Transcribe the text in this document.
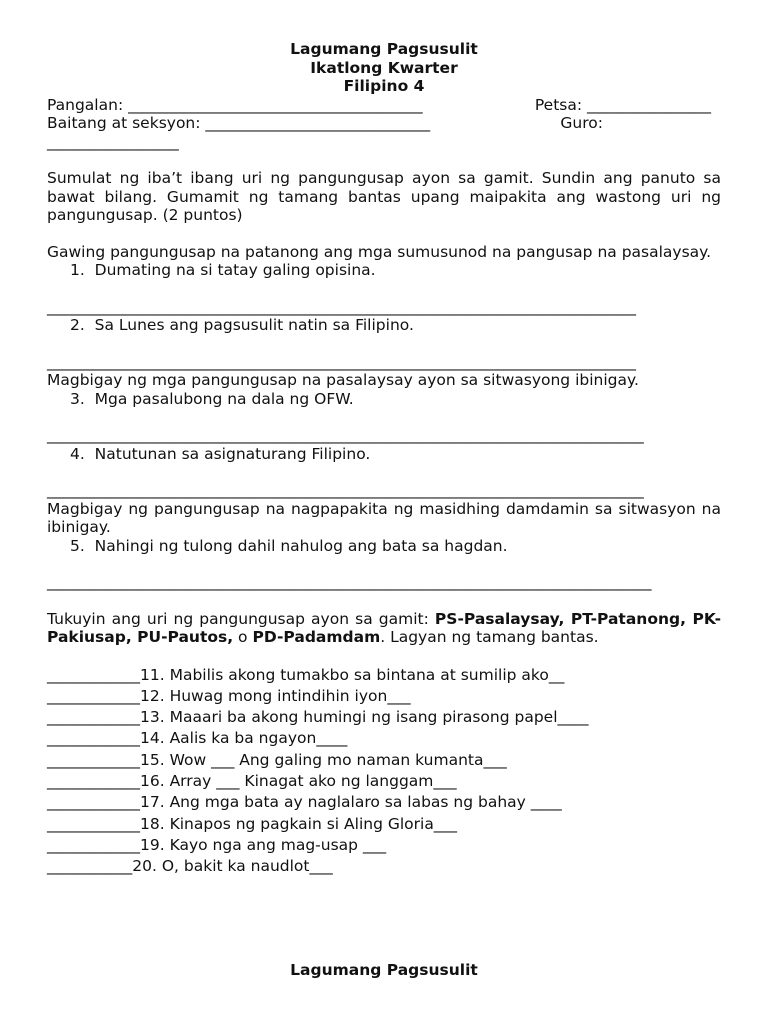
Lagumang Pagsusulit
Ikatlong Kwarter
Filipino 4
Pangalan: ______________________________________	Petsa: ________________
Baitang at seksyon: _____________________________	Guro:
_________________
Sumulat ng iba’t ibang uri ng pangungusap ayon sa gamit. Sundin ang panuto sa bawat bilang. Gumamit ng tamang bantas upang maipakita ang wastong uri ng pangungusap. (2 puntos)
Gawing pangungusap na patanong ang mga sumusunod na pangusap na pasalaysay.
1.  Dumating na si tatay galing opisina.
____________________________________________________________________________
2.  Sa Lunes ang pagsusulit natin sa Filipino.
____________________________________________________________________________
Magbigay ng mga pangungusap na pasalaysay ayon sa sitwasyong ibinigay.
3.  Mga pasalubong na dala ng OFW.
_____________________________________________________________________________
4.  Natutunan sa asignaturang Filipino.
_____________________________________________________________________________
Magbigay ng pangungusap na nagpapakita ng masidhing damdamin sa sitwasyon na ibinigay.
5.  Nahingi ng tulong dahil nahulog ang bata sa hagdan.
______________________________________________________________________________
Tukuyin ang uri ng pangungusap ayon sa gamit: PS-Pasalaysay, PT-Patanong, PK-Pakiusap, PU-Pautos, o PD-Padamdam. Lagyan ng tamang bantas.
____________11. Mabilis akong tumakbo sa bintana at sumilip ako__
____________12. Huwag mong intindihin iyon___
____________13. Maaari ba akong humingi ng isang pirasong papel____
____________14. Aalis ka ba ngayon____
____________15. Wow ___ Ang galing mo naman kumanta___
____________16. Array ___ Kinagat ako ng langgam___
____________17. Ang mga bata ay naglalaro sa labas ng bahay ____
____________18. Kinapos ng pagkain si Aling Gloria___
____________19. Kayo nga ang mag-usap ___
___________20. O, bakit ka naudlot___
Lagumang Pagsusulit
